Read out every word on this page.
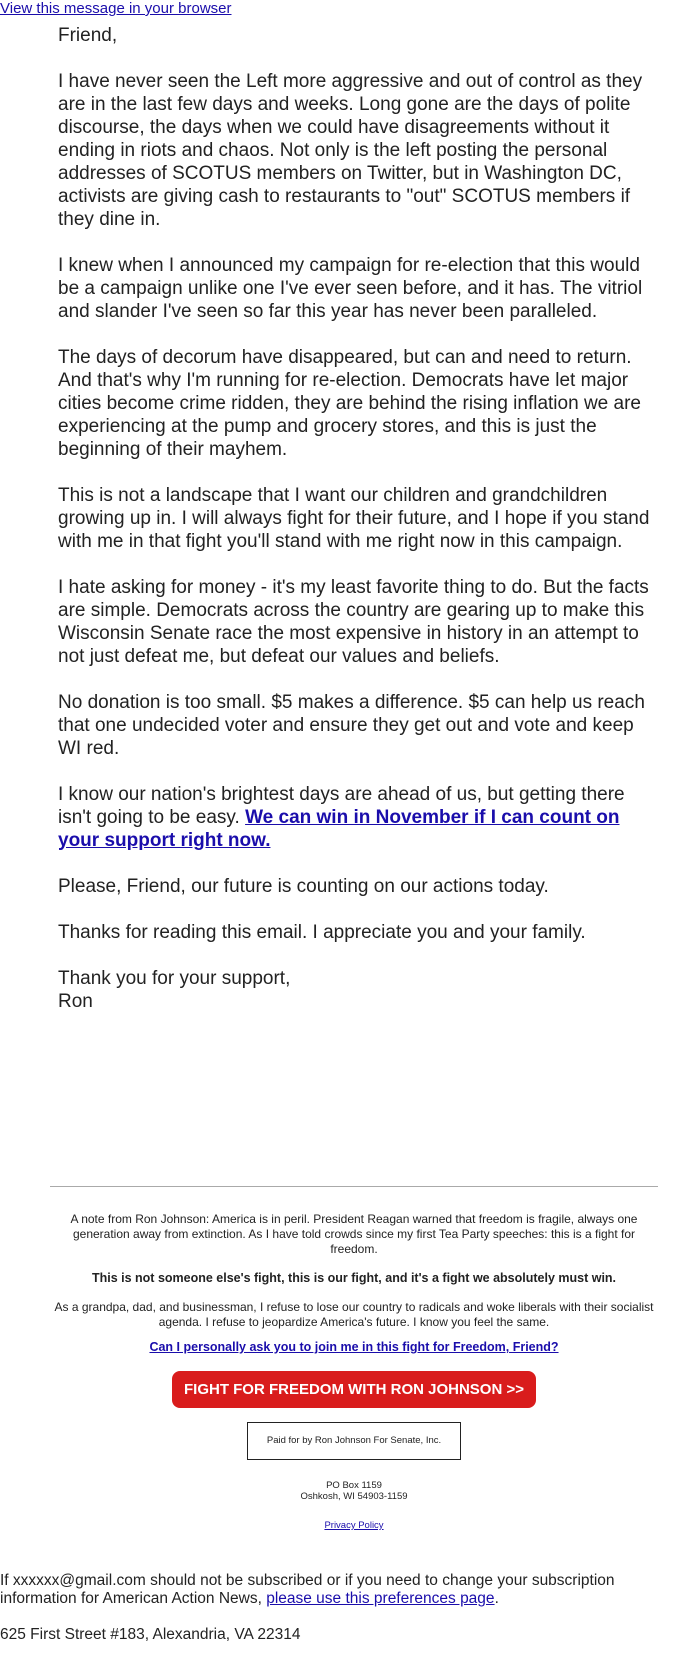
View this message in your browser

Friend,

I have never seen the Left more aggressive and out of control as they are in the last few days and weeks. Long gone are the days of polite discourse, the days when we could have disagreements without it ending in riots and chaos. Not only is the left posting the personal addresses of SCOTUS members on Twitter, but in Washington DC, activists are giving cash to restaurants to "out" SCOTUS members if they dine in.

I knew when I announced my campaign for re-election that this would be a campaign unlike one I've ever seen before, and it has. The vitriol and slander I've seen so far this year has never been paralleled.

The days of decorum have disappeared, but can and need to return. And that's why I'm running for re-election. Democrats have let major cities become crime ridden, they are behind the rising inflation we are experiencing at the pump and grocery stores, and this is just the beginning of their mayhem.

This is not a landscape that I want our children and grandchildren growing up in. I will always fight for their future, and I hope if you stand with me in that fight you'll stand with me right now in this campaign.

I hate asking for money - it's my least favorite thing to do. But the facts are simple. Democrats across the country are gearing up to make this Wisconsin Senate race the most expensive in history in an attempt to not just defeat me, but defeat our values and beliefs.

No donation is too small. $5 makes a difference. $5 can help us reach that one undecided voter and ensure they get out and vote and keep WI red.

I know our nation's brightest days are ahead of us, but getting there isn't going to be easy. We can win in November if I can count on your support right now.

Please, Friend, our future is counting on our actions today.

Thanks for reading this email. I appreciate you and your family.

Thank you for your support,

Ron

A note from Ron Johnson: America is in peril. President Reagan warned that freedom is fragile, always one generation away from extinction. As I have told crowds since my first Tea Party speeches: this is a fight for freedom.

This is not someone else's fight, this is our fight, and it's a fight we absolutely must win.

As a grandpa, dad, and businessman, I refuse to lose our country to radicals and woke liberals with their socialist agenda. I refuse to jeopardize America's future. I know you feel the same.

Can I personally ask you to join me in this fight for Freedom, Friend?
FIGHT FOR FREEDOM WITH RON JOHNSON >>
Paid for by Ron Johnson For Senate, Inc.
PO Box 1159
Oshkosh, WI 54903-1159
Privacy Policy
If xxxxxx@gmail.com should not be subscribed or if you need to change your subscription information for American Action News, please use this preferences page.
625 First Street #183, Alexandria, VA 22314
